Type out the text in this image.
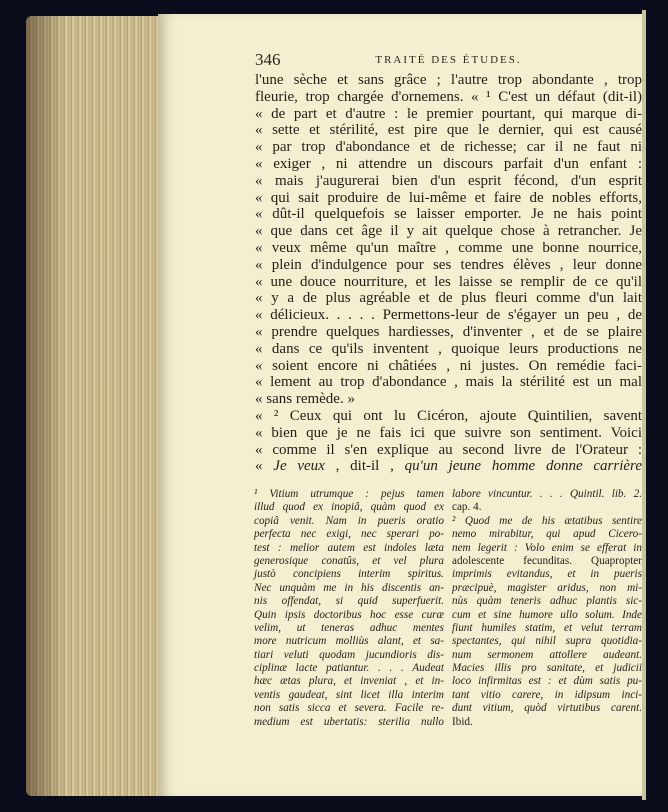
346	TRAITÉ DES ÉTUDES.
l'une sèche et sans grâce ; l'autre trop abondante , trop
fleurie, trop chargée d'ornemens. « ¹ C'est un défaut (dit-il)
« de part et d'autre : le premier pourtant, qui marque di-
« sette et stérilité, est pire que le dernier, qui est causé
« par trop d'abondance et de richesse; car il ne faut ni
« exiger , ni attendre un discours parfait d'un enfant :
« mais j'augurerai bien d'un esprit fécond, d'un esprit
« qui sait produire de lui-même et faire de nobles efforts,
« dût-il quelquefois se laisser emporter. Je ne hais point
« que dans cet âge il y ait quelque chose à retrancher. Je
« veux même qu'un maître , comme une bonne nourrice,
« plein d'indulgence pour ses tendres élèves , leur donne
« une douce nourriture, et les laisse se remplir de ce qu'il
« y a de plus agréable et de plus fleuri comme d'un lait
« délicieux. . . . . Permettons-leur de s'égayer un peu , de
« prendre quelques hardiesses, d'inventer , et de se plaire
« dans ce qu'ils inventent , quoique leurs productions ne
« soient encore ni châtiées , ni justes. On remédie faci-
« lement au trop d'abondance , mais la stérilité est un mal
« sans remède. »
« ² Ceux qui ont lu Cicéron, ajoute Quintilien, savent
« bien que je ne fais ici que suivre son sentiment. Voici
« comme il s'en explique au second livre de l'Orateur :
« Je veux , dit-il , qu'un jeune homme donne carrière
¹ Vitium utrumque : pejus tamen
illud quod ex inopiâ, quàm quod ex
copiâ venit. Nam in pueris oratio
perfecta nec exigi, nec sperari po-
test : melior autem est indoles læta
generosique conatûs, et vel plura
justò concipiens interim spiritus.
Nec unquàm me in his discentis an-
nis offendat, si quid superfuerit.
Quin ipsis doctoribus hoc esse curæ
velim, ut teneras adhuc mentes
more nutricum molliùs alant, et sa-
tiari veluti quodam jucundioris dis-
ciplinæ lacte patiantur. . . . Audeat
hæc ætas plura, et inveniat , et in-
ventis gaudeat, sint licet illa interim
non satis sicca et severa. Facile re-
medium est ubertatis: sterilia nullo
labore vincuntur. . . . Quintil. lib. 2.
cap. 4.
² Quod me de his ætatibus sentire
nemo mirabitur, qui apud Cicero-
nem legerit : Volo enim se efferat in
adolescente fecunditas. Quapropter
imprimis evitandus, et in pueris
præcipuè, magister aridus, non mi-
nùs quàm teneris adhuc plantis sic-
cum et sine humore ullo solum. Inde
fiunt humiles statim, et velut terram
spectantes, qui nihil supra quotidia-
num sermonem attollere audeant.
Macies illis pro sanitate, et judicii
loco infirmitas est : et dùm satis pu-
tant vitio carere, in idipsum inci-
dunt vitium, quòd virtutibus carent.
Ibid.
